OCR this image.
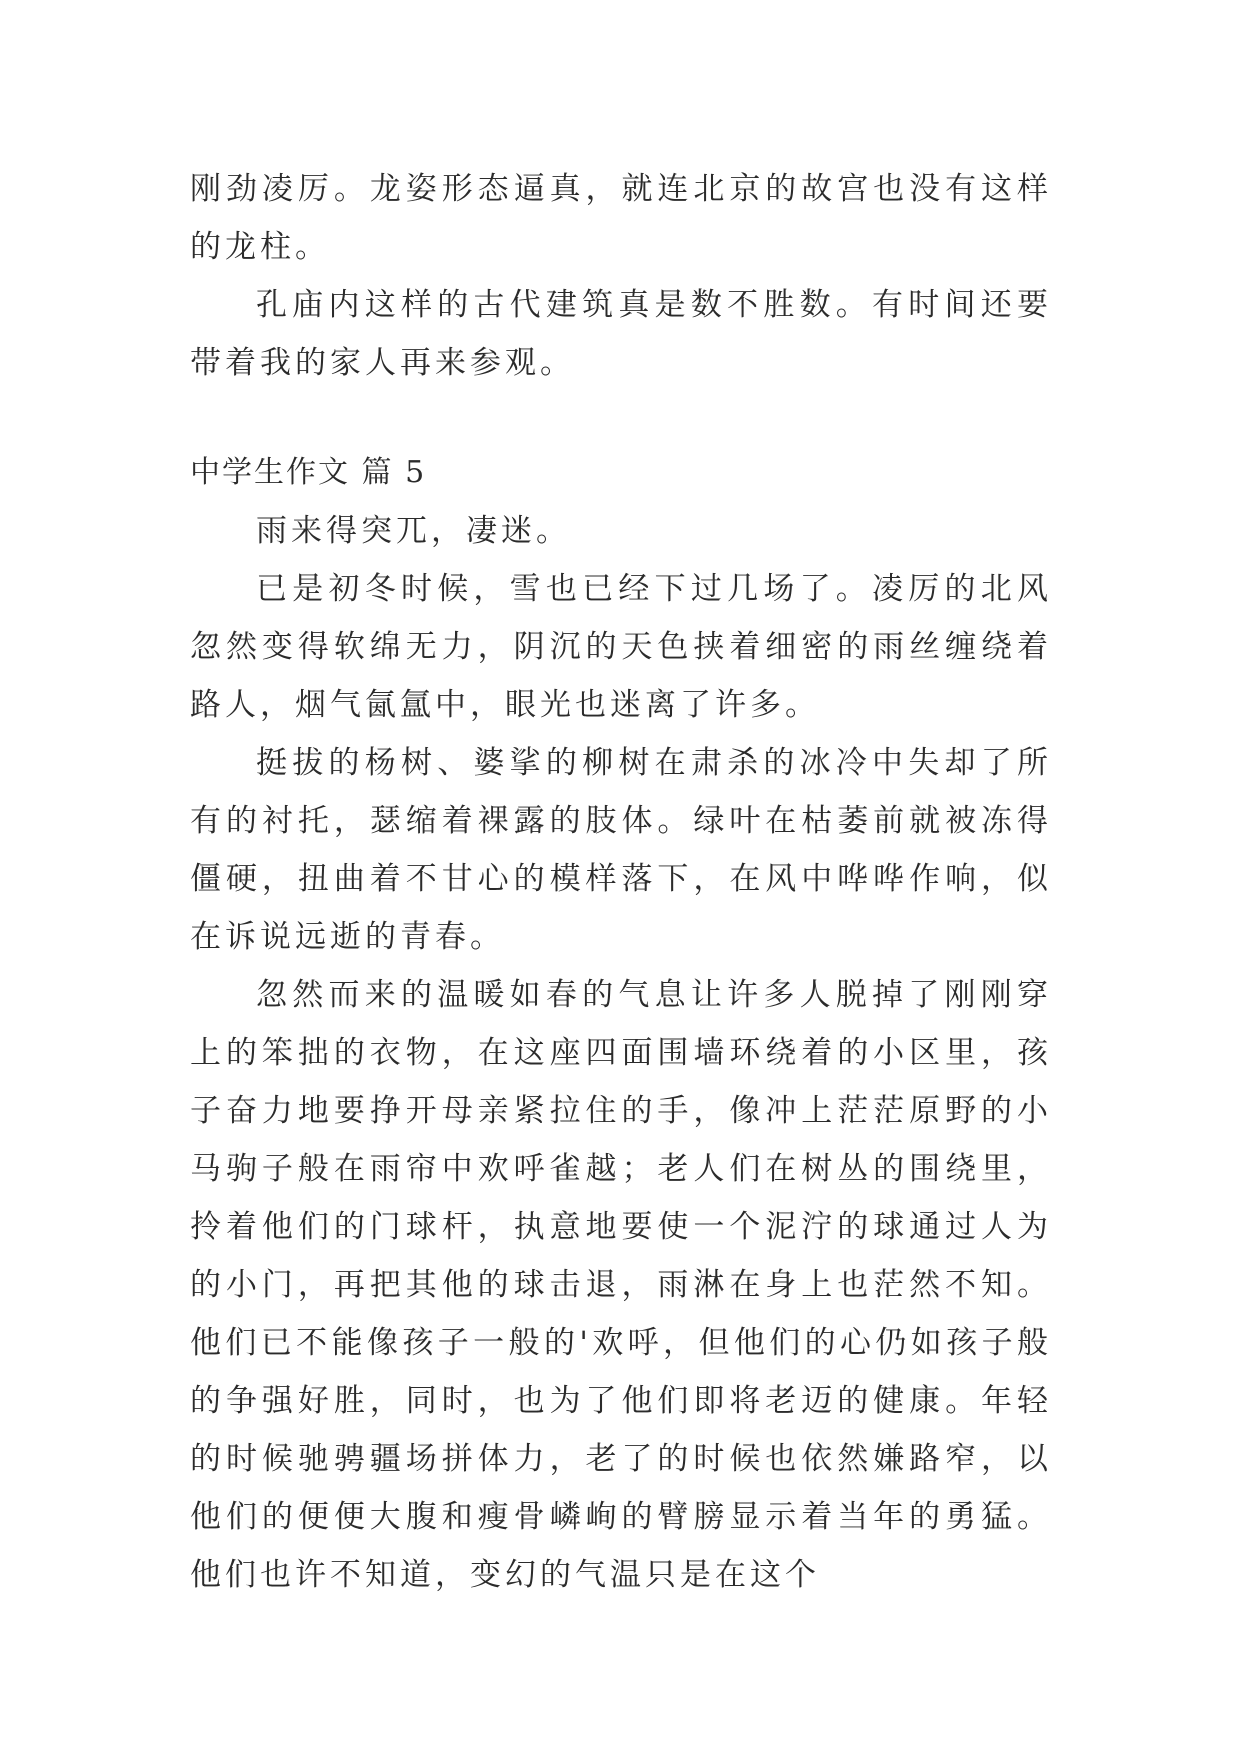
刚劲凌厉。龙姿形态逼真，就连北京的故宫也没有这样的龙柱。

孔庙内这样的古代建筑真是数不胜数。有时间还要带着我的家人再来参观。

中学生作文 篇 5

雨来得突兀，凄迷。

已是初冬时候，雪也已经下过几场了。凌厉的北风忽然变得软绵无力，阴沉的天色挟着细密的雨丝缠绕着路人，烟气氤氲中，眼光也迷离了许多。

挺拔的杨树、婆挲的柳树在肃杀的冰冷中失却了所有的衬托，瑟缩着裸露的肢体。绿叶在枯萎前就被冻得僵硬，扭曲着不甘心的模样落下，在风中哗哗作响，似在诉说远逝的青春。

忽然而来的温暖如春的气息让许多人脱掉了刚刚穿上的笨拙的衣物，在这座四面围墙环绕着的小区里，孩子奋力地要挣开母亲紧拉住的手，像冲上茫茫原野的小马驹子般在雨帘中欢呼雀越；老人们在树丛的围绕里，拎着他们的门球杆，执意地要使一个泥泞的球通过人为的小门，再把其他的球击退，雨淋在身上也茫然不知。他们已不能像孩子一般的'欢呼，但他们的心仍如孩子般的争强好胜，同时，也为了他们即将老迈的健康。年轻的时候驰骋疆场拼体力，老了的时候也依然嫌路窄，以他们的便便大腹和瘦骨嶙峋的臂膀显示着当年的勇猛。他们也许不知道，变幻的气温只是在这个
